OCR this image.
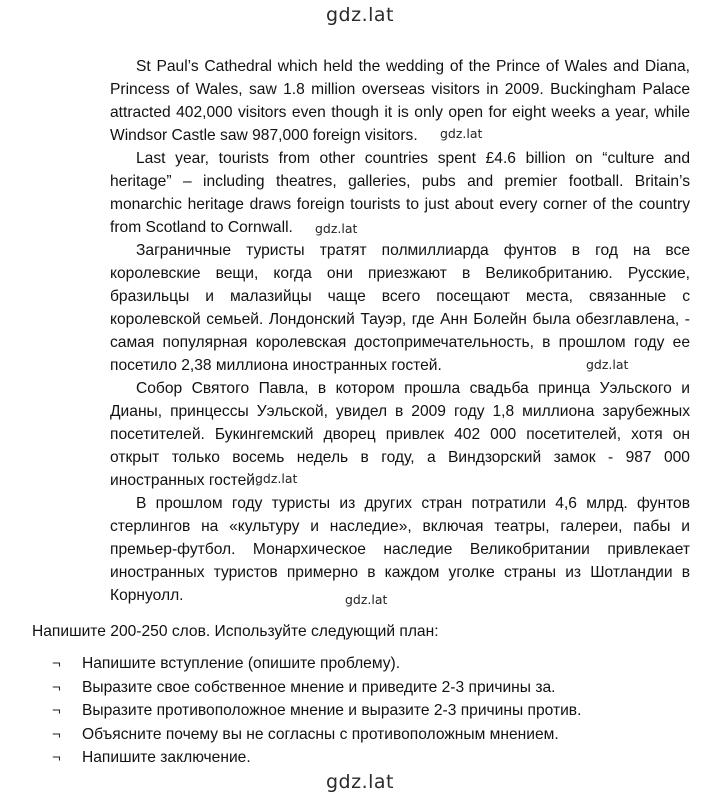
gdz.lat

St Paul’s Cathedral which held the wedding of the Prince of Wales and Diana, Princess of Wales, saw 1.8 million overseas visitors in 2009. Buckingham Palace attracted 402,000 visitors even though it is only open for eight weeks a year, while Windsor Castle saw 987,000 foreign visitors.

Last year, tourists from other countries spent £4.6 billion on “culture and heritage” – including theatres, galleries, pubs and premier football. Britain’s monarchic heritage draws foreign tourists to just about every corner of the country from Scotland to Cornwall.

Заграничные туристы тратят полмиллиарда фунтов в год на все королевские вещи, когда они приезжают в Великобританию. Русские, бразильцы и малазийцы чаще всего посещают места, связанные с королевской семьей. Лондонский Тауэр, где Анн Болейн была обезглавлена, - самая популярная королевская достопримечательность, в прошлом году ее посетило 2,38 миллиона иностранных гостей.

Собор Святого Павла, в котором прошла свадьба принца Уэльского и Дианы, принцессы Уэльской, увидел в 2009 году 1,8 миллиона зарубежных посетителей. Букингемский дворец привлек 402 000 посетителей, хотя он открыт только восемь недель в году, а Виндзорский замок - 987 000 иностранных гостей.

В прошлом году туристы из других стран потратили 4,6 млрд. фунтов стерлингов на «культуру и наследие», включая театры, галереи, пабы и премьер-футбол. Монархическое наследие Великобритании привлекает иностранных туристов примерно в каждом уголке страны из Шотландии в Корнуолл.

gdz.lat
gdz.lat
gdz.lat
gdz.lat
gdz.lat

Напишите 200-250 слов. Используйте следующий план:

¬	Напишите вступление (опишите проблему).
¬	Выразите свое собственное мнение и приведите 2-3 причины за.
¬	Выразите противоположное мнение и выразите 2-3 причины против.
¬	Объясните почему вы не согласны с противоположным мнением.
¬	Напишите заключение.
gdz.lat
